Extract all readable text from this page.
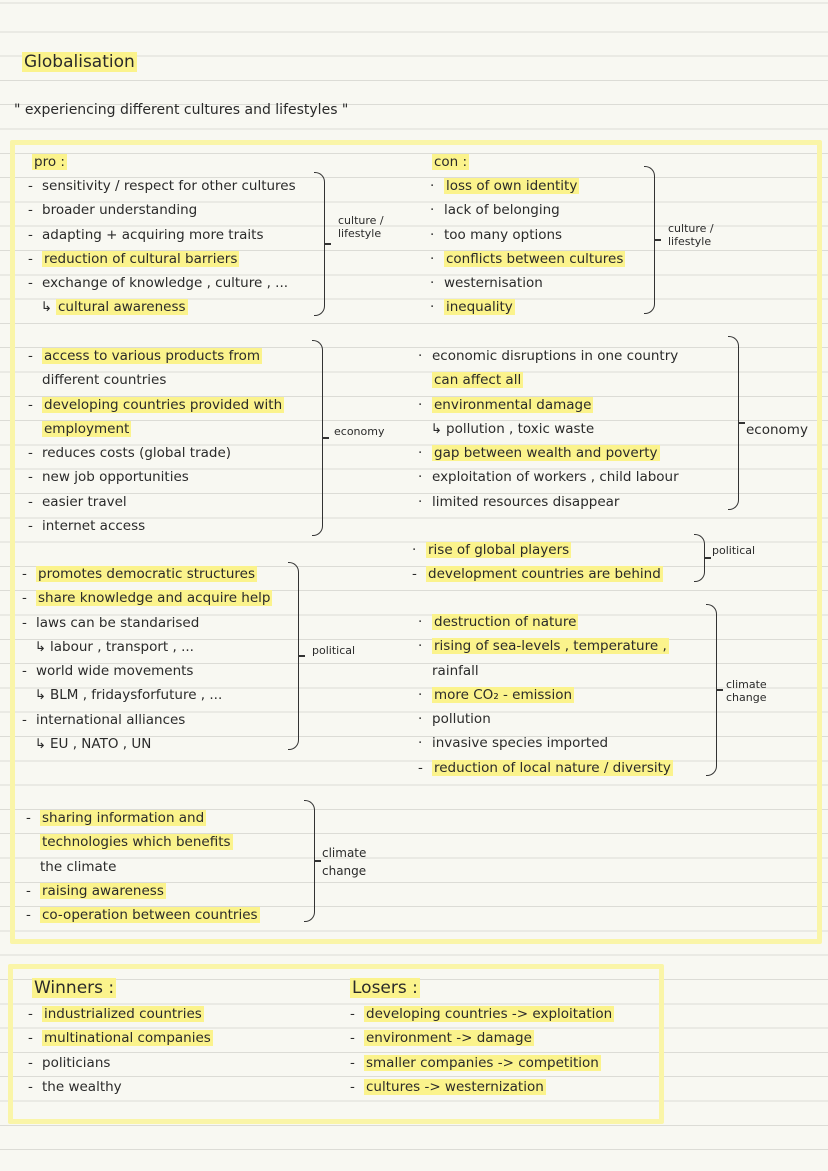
Globalisation
" experiencing different cultures and lifestyles "
pro :	con :
- sensitivity / respect for other cultures
- broader understanding
- adapting + acquiring more traits
- reduction of cultural barriers
- exchange of knowledge , culture , ...
↳ cultural awareness
culture / lifestyle
· loss of own identity
· lack of belonging
· too many options
· conflicts between cultures
· westernisation
· inequality
culture / lifestyle
- access to various products from
different countries
- developing countries provided with
employment
- reduces costs (global trade)
- new job opportunities
- easier travel
- internet access
economy
· economic disruptions in one country
can affect all
· environmental damage
↳ pollution , toxic waste
· gap between wealth and poverty
· exploitation of workers , child labour
· limited resources disappear
economy
· rise of global players
- development countries are behind
political
- promotes democratic structures
- share knowledge and acquire help
- laws can be standarised
↳ labour , transport , ...
- world wide movements
↳ BLM , fridaysforfuture , ...
- international alliances
↳ EU , NATO , UN
political
· destruction of nature
· rising of sea-levels , temperature ,
rainfall
· more CO₂ - emission
· pollution
· invasive species imported
- reduction of local nature / diversity
climate change
- sharing information and
technologies which benefits
the climate
- raising awareness
- co-operation between countries
climate change
Winners :
- industrialized countries
- multinational companies
- politicians
- the wealthy
Losers :
- developing countries -> exploitation
- environment -> damage
- smaller companies -> competition
- cultures -> westernization
